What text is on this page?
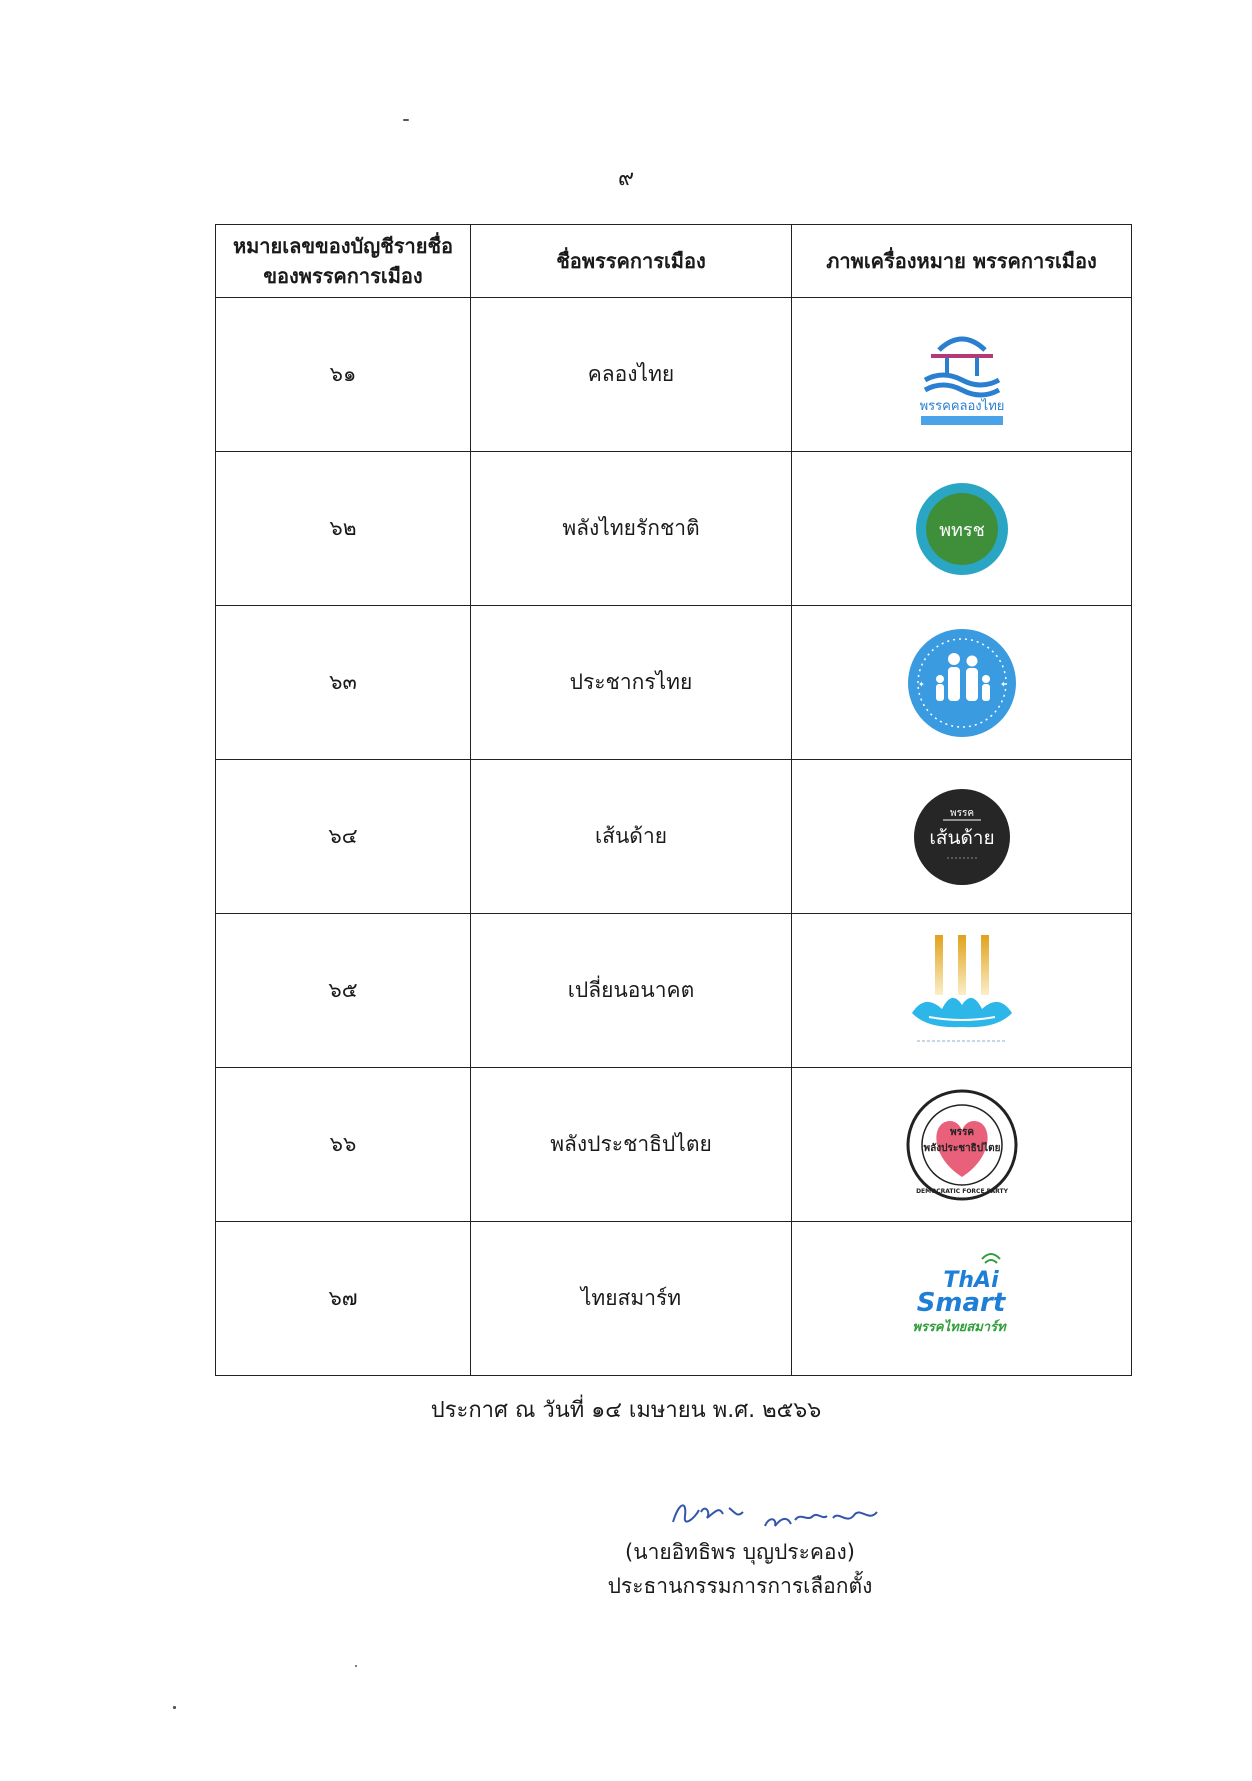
๙
หมายเลขของบัญชีรายชื่อ ของพรรคการเมือง	ชื่อพรรคการเมือง	ภาพเครื่องหมาย พรรคการเมือง
๖๑	คลองไทย	พรรคคลองไทย

๖๒	พลังไทยรักชาติ	พทรช

๖๓	ประชากรไทย	✦ ✦

๖๔	เส้นด้าย	พรรค
เส้นด้าย

๖๕	เปลี่ยนอนาคต	

๖๖	พลังประชาธิปไตย	พรรค
พลังประชาธิปไตย
DEMOCRATIC FORCE PARTY

๖๗	ไทยสมาร์ท	ThAi
Smart
พรรคไทยสมาร์ท
ประกาศ ณ วันที่ ๑๔ เมษายน พ.ศ. ๒๕๖๖
(นายอิทธิพร บุญประคอง)
ประธานกรรมการการเลือกตั้ง
